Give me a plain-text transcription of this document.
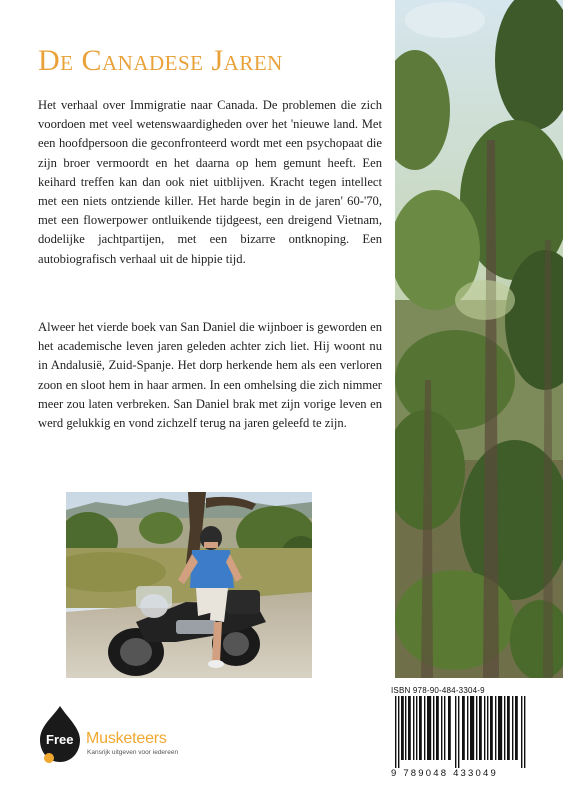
De Canadese Jaren

Het verhaal over Immigratie naar Canada. De problemen die zich voordoen met veel wetenswaardigheden over het 'nieuwe land. Met een hoofdpersoon die geconfronteerd wordt met een psychopaat die zijn broer vermoordt en het daarna op hem gemunt heeft. Een keihard treffen kan dan ook niet uitblijven. Kracht tegen intellect met een niets ontziende killer. Het harde begin in de jaren' 60-'70, met een flowerpower ontluikende tijdgeest, een dreigend Vietnam, dodelijke jachtpartijen, met een bizarre ontknoping. Een autobiografisch verhaal uit de hippie tijd.

Alweer het vierde boek van San Daniel die wijnboer is geworden en het academische leven jaren geleden achter zich liet. Hij woont nu in Andalusië, Zuid-Spanje. Het dorp herkende hem als een verloren zoon en sloot hem in haar armen. In een omhelsing die zich nimmer meer zou laten verbreken. San Daniel brak met zijn vorige leven en werd gelukkig en vond zichzelf terug na jaren geleefd te zijn.

ISBN 978-90-484-3304-9
9 789048 433049
Free Musketeers
Kansrijk uitgeven voor iedereen
